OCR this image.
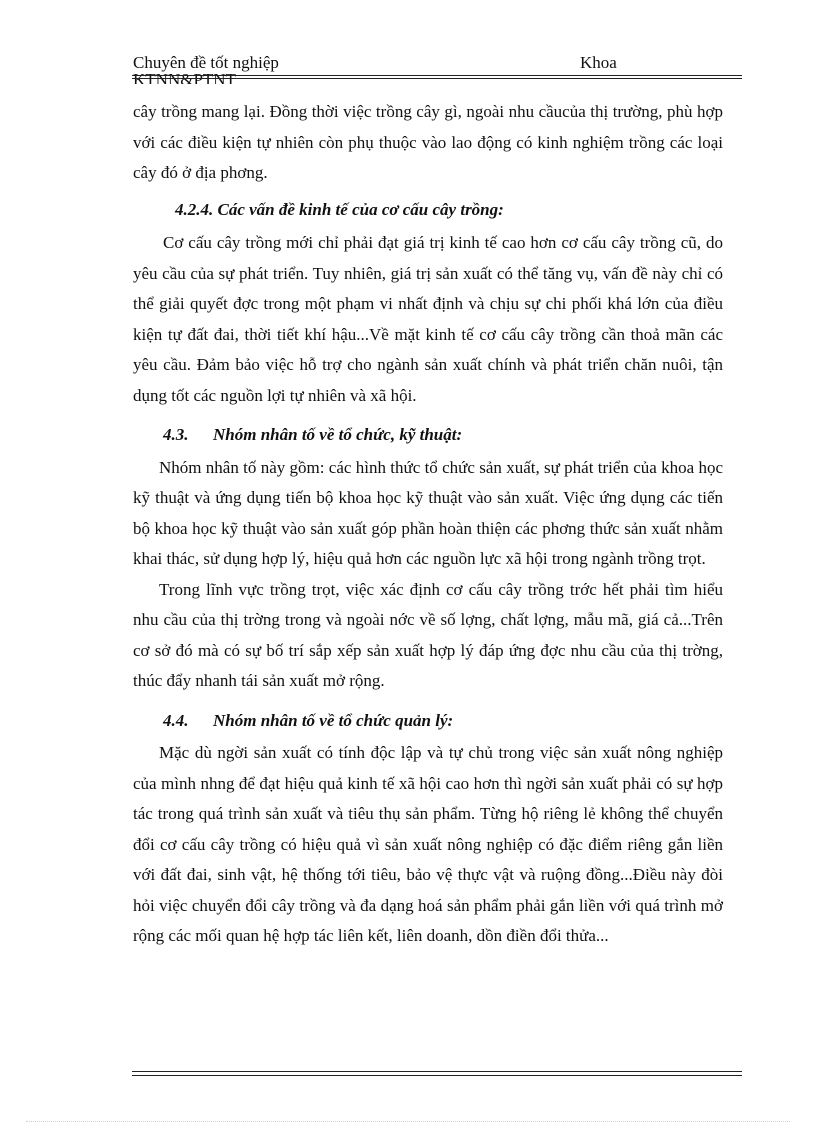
Chuyên đề tốt nghiệp	Khoa
KTNN&PTNT

cây trồng mang lại. Đồng thời việc trồng cây gì, ngoài nhu cầucủa thị trường, phù hợp với các điều kiện tự nhiên còn phụ thuộc vào lao động có kinh nghiệm trồng các loại cây đó ở địa phơng.

4.2.4. Các vấn đề kinh tế của cơ cấu cây trồng:

Cơ cấu cây trồng mới chỉ phải đạt giá trị kinh tế cao hơn cơ cấu cây trồng cũ, do yêu cầu của sự phát triển. Tuy nhiên, giá trị sản xuất có thể tăng vụ, vấn đề này chỉ có thể giải quyết đợc trong một phạm vi nhất định và chịu sự chi phối khá lớn của điều kiện tự đất đai, thời tiết khí hậu...Về mặt kinh tế cơ cấu cây trồng cần thoả mãn các yêu cầu. Đảm bảo việc hỗ trợ cho ngành sản xuất chính và phát triển chăn nuôi, tận dụng tốt các nguồn lợi tự nhiên và xã hội.

4.3. Nhóm nhân tố về tổ chức, kỹ thuật:

Nhóm nhân tố này gồm: các hình thức tổ chức sản xuất, sự phát triển của khoa học kỹ thuật và ứng dụng tiến bộ khoa học kỹ thuật vào sản xuất. Việc ứng dụng các tiến bộ khoa học kỹ thuật vào sản xuất góp phần hoàn thiện các phơng thức sản xuất nhằm khai thác, sử dụng hợp lý, hiệu quả hơn các nguồn lực xã hội trong ngành trồng trọt.

Trong lĩnh vực trồng trọt, việc xác định cơ cấu cây trồng trớc hết phải tìm hiểu nhu cầu của thị trờng trong và ngoài nớc về số lợng, chất lợng, mẫu mã, giá cả...Trên cơ sở đó mà có sự bố trí sắp xếp sản xuất hợp lý đáp ứng đợc nhu cầu của thị trờng, thúc đẩy nhanh tái sản xuất mở rộng.

4.4. Nhóm nhân tố về tổ chức quản lý:

Mặc dù ngời sản xuất có tính độc lập và tự chủ trong việc sản xuất nông nghiệp của mình nhng để đạt hiệu quả kinh tế xã hội cao hơn thì ngời sản xuất phải có sự hợp tác trong quá trình sản xuất và tiêu thụ sản phẩm. Từng hộ riêng lẻ không thể chuyển đổi cơ cấu cây trồng có hiệu quả vì sản xuất nông nghiệp có đặc điểm riêng gắn liền với đất đai, sinh vật, hệ thống tới tiêu, bảo vệ thực vật và ruộng đồng...Điều này đòi hỏi việc chuyển đổi cây trồng và đa dạng hoá sản phẩm phải gắn liền với quá trình mở rộng các mối quan hệ hợp tác liên kết, liên doanh, dồn điền đổi thửa...
